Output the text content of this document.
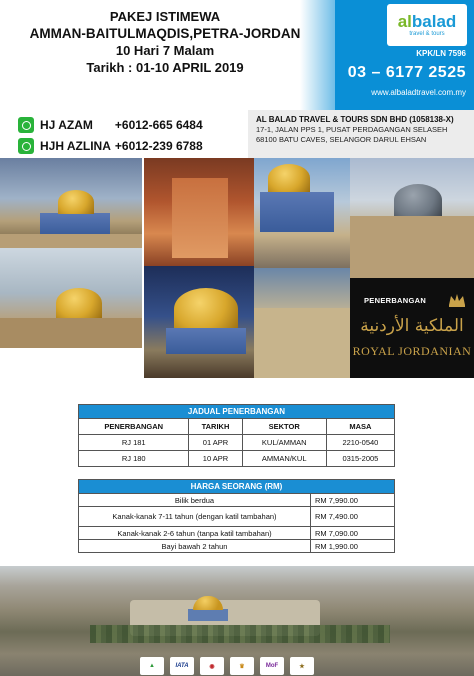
PAKEJ ISTIMEWA
AMMAN-BAITULMAQDIS,PETRA-JORDAN
10 Hari 7 Malam
Tarikh : 01-10 APRIL 2019
albalad
travel & tours
KPK/LN 7596
03 – 6177 2525
www.albaladtravel.com.my
HJ AZAM +6012-665 6484
HJH AZLINA +6012-239 6788
AL BALAD TRAVEL & TOURS SDN BHD (1058138-X)
17-1, JALAN PPS 1, PUSAT PERDAGANGAN SELASEH
68100 BATU CAVES, SELANGOR DARUL EHSAN
PENERBANGAN
الملكية الأردنية
ROYAL JORDANIAN
JADUAL PENERBANGAN			
PENERBANGAN	TARIKH	SEKTOR	MASA
RJ 181	01 APR	KUL/AMMAN	2210-0540
RJ 180	10 APR	AMMAN/KUL	0315-2005
HARGA SEORANG (RM)	
Bilik berdua	RM 7,990.00
Kanak-kanak 7-11 tahun (dengan katil tambahan)	RM 7,490.00
Kanak-kanak 2-6 tahun (tanpa katil tambahan)	RM 7,090.00
Bayi bawah 2 tahun	RM 1,990.00
▲	IATA	◉	♛	MoF	★
